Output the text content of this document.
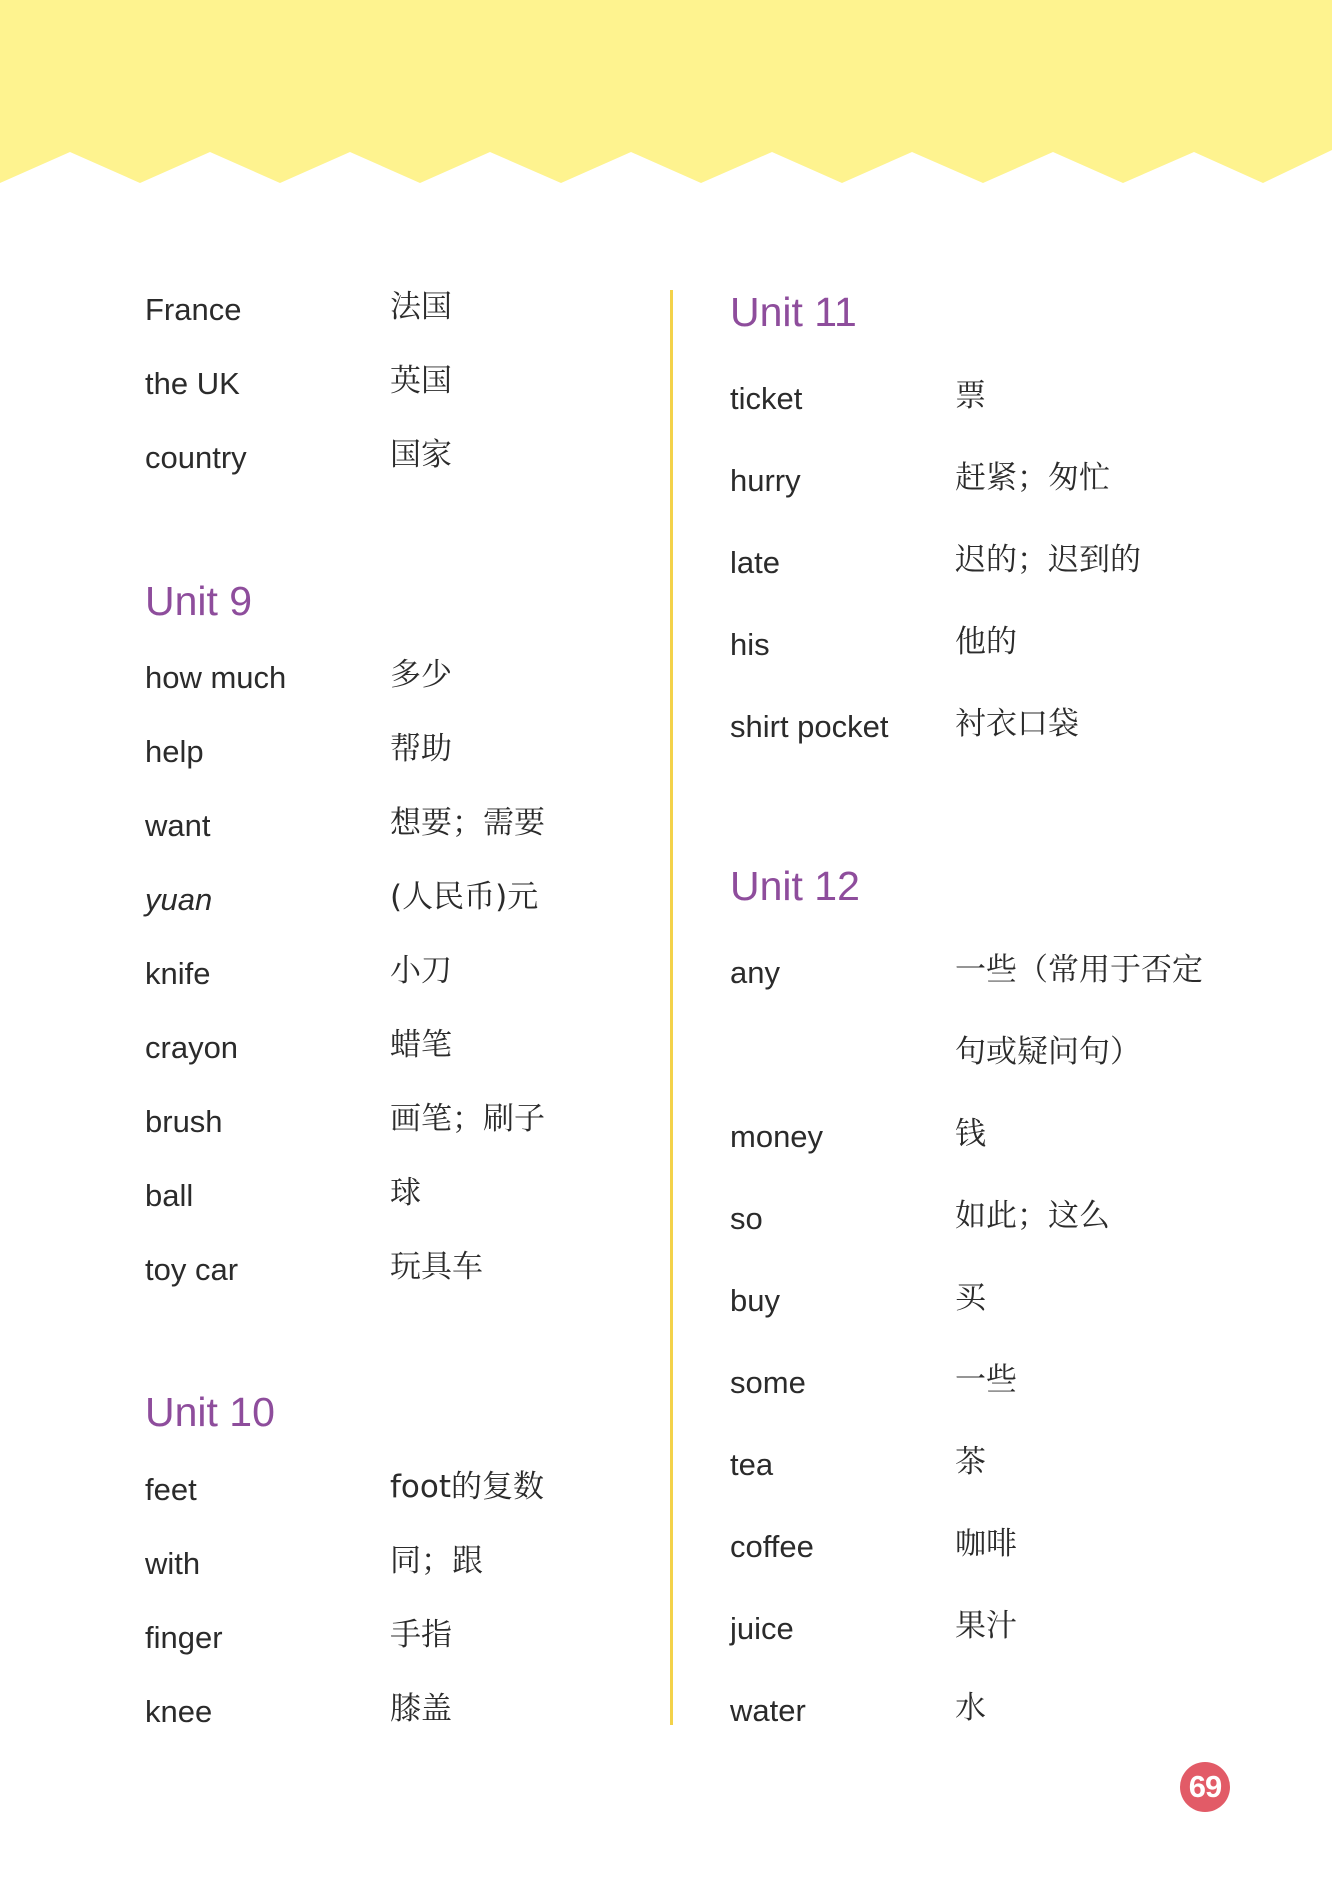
France	法国
the UK	英国
country	国家
Unit 9
how much	多少
help	帮助
want	想要；需要
yuan	(人民币)元
knife	小刀
crayon	蜡笔
brush	画笔；刷子
ball	球
toy car	玩具车
Unit 10
feet	foot的复数
with	同；跟
finger	手指
knee	膝盖
Unit 11
ticket	票
hurry	赶紧；匆忙
late	迟的；迟到的
his	他的
shirt pocket 衬衣口袋
Unit 12
any	一些（常用于否定
句或疑问句）
money	钱
so	如此；这么
buy	买
some	一些
tea	茶
coffee	咖啡
juice	果汁
water	水
69
